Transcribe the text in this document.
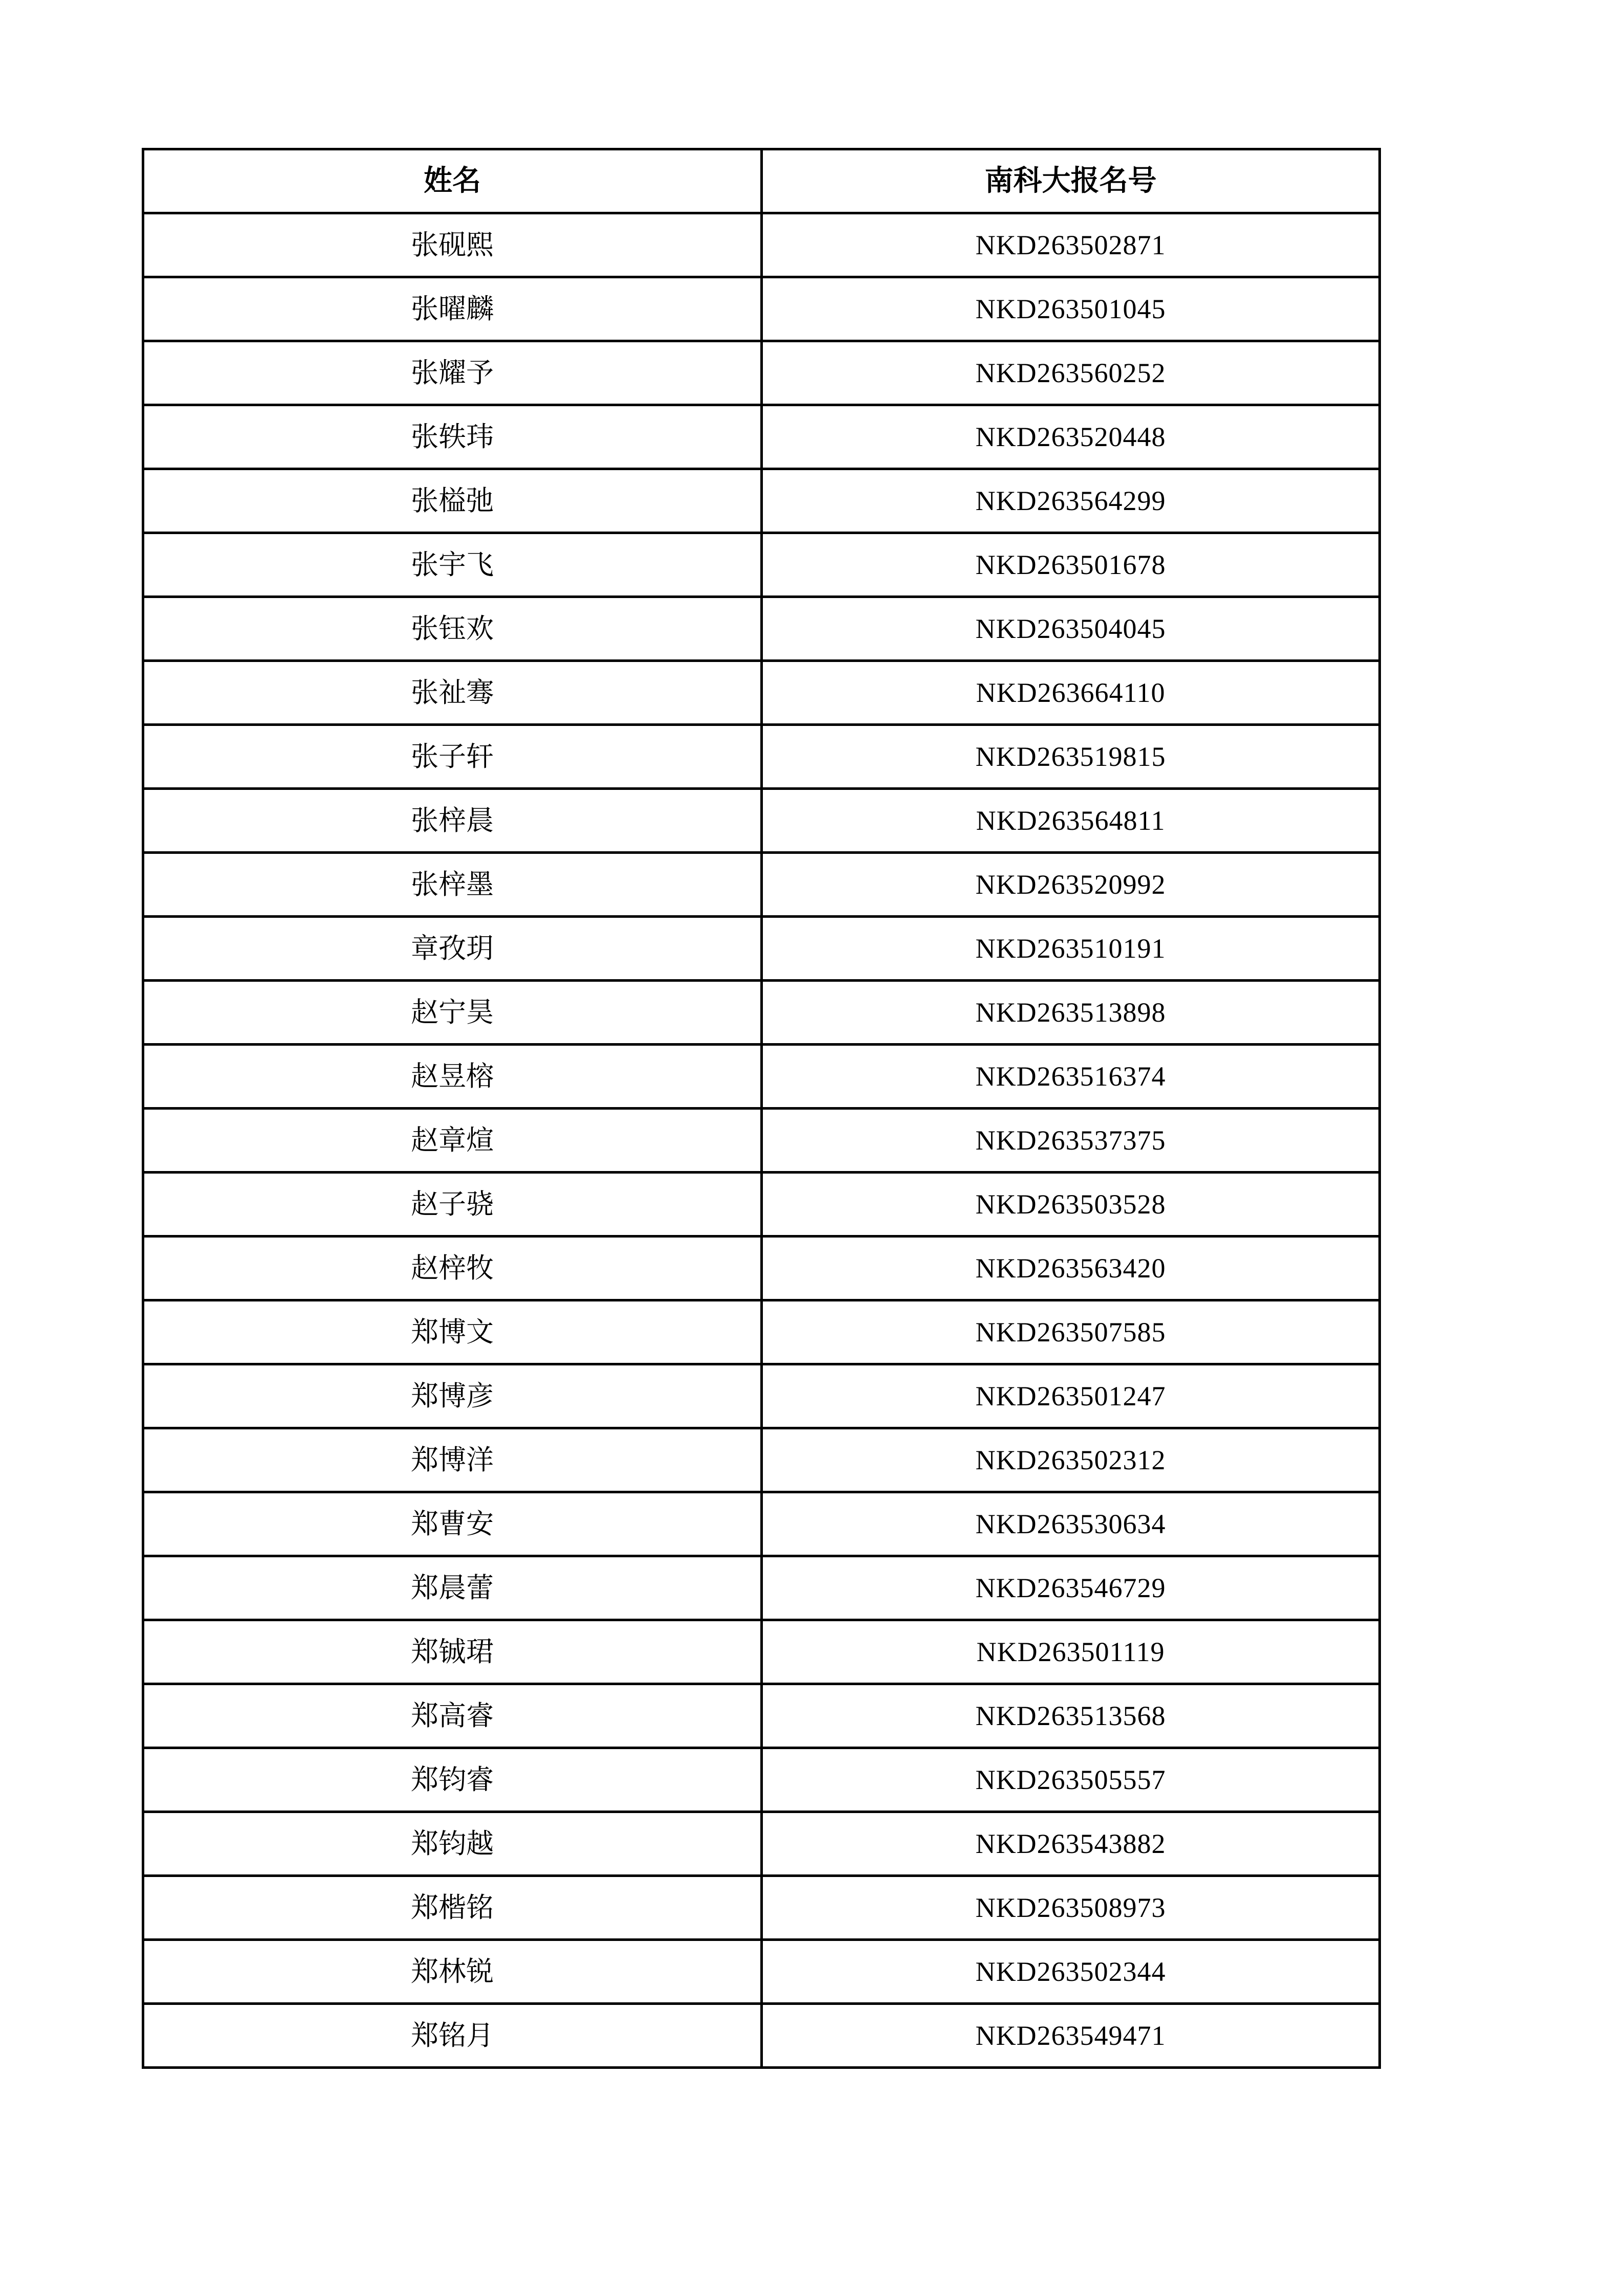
姓名	南科大报名号
张砚熙	NKD263502871
张曜麟	NKD263501045
张耀予	NKD263560252
张轶玮	NKD263520448
张榏弛	NKD263564299
张宇飞	NKD263501678
张钰欢	NKD263504045
张祉骞	NKD263664110
张子轩	NKD263519815
张梓晨	NKD263564811
张梓墨	NKD263520992
章孜玥	NKD263510191
赵宁昊	NKD263513898
赵昱榕	NKD263516374
赵章煊	NKD263537375
赵子骁	NKD263503528
赵梓牧	NKD263563420
郑博文	NKD263507585
郑博彦	NKD263501247
郑博洋	NKD263502312
郑曹安	NKD263530634
郑晨蕾	NKD263546729
郑铖珺	NKD263501119
郑高睿	NKD263513568
郑钧睿	NKD263505557
郑钧越	NKD263543882
郑楷铭	NKD263508973
郑林锐	NKD263502344
郑铭月	NKD263549471
